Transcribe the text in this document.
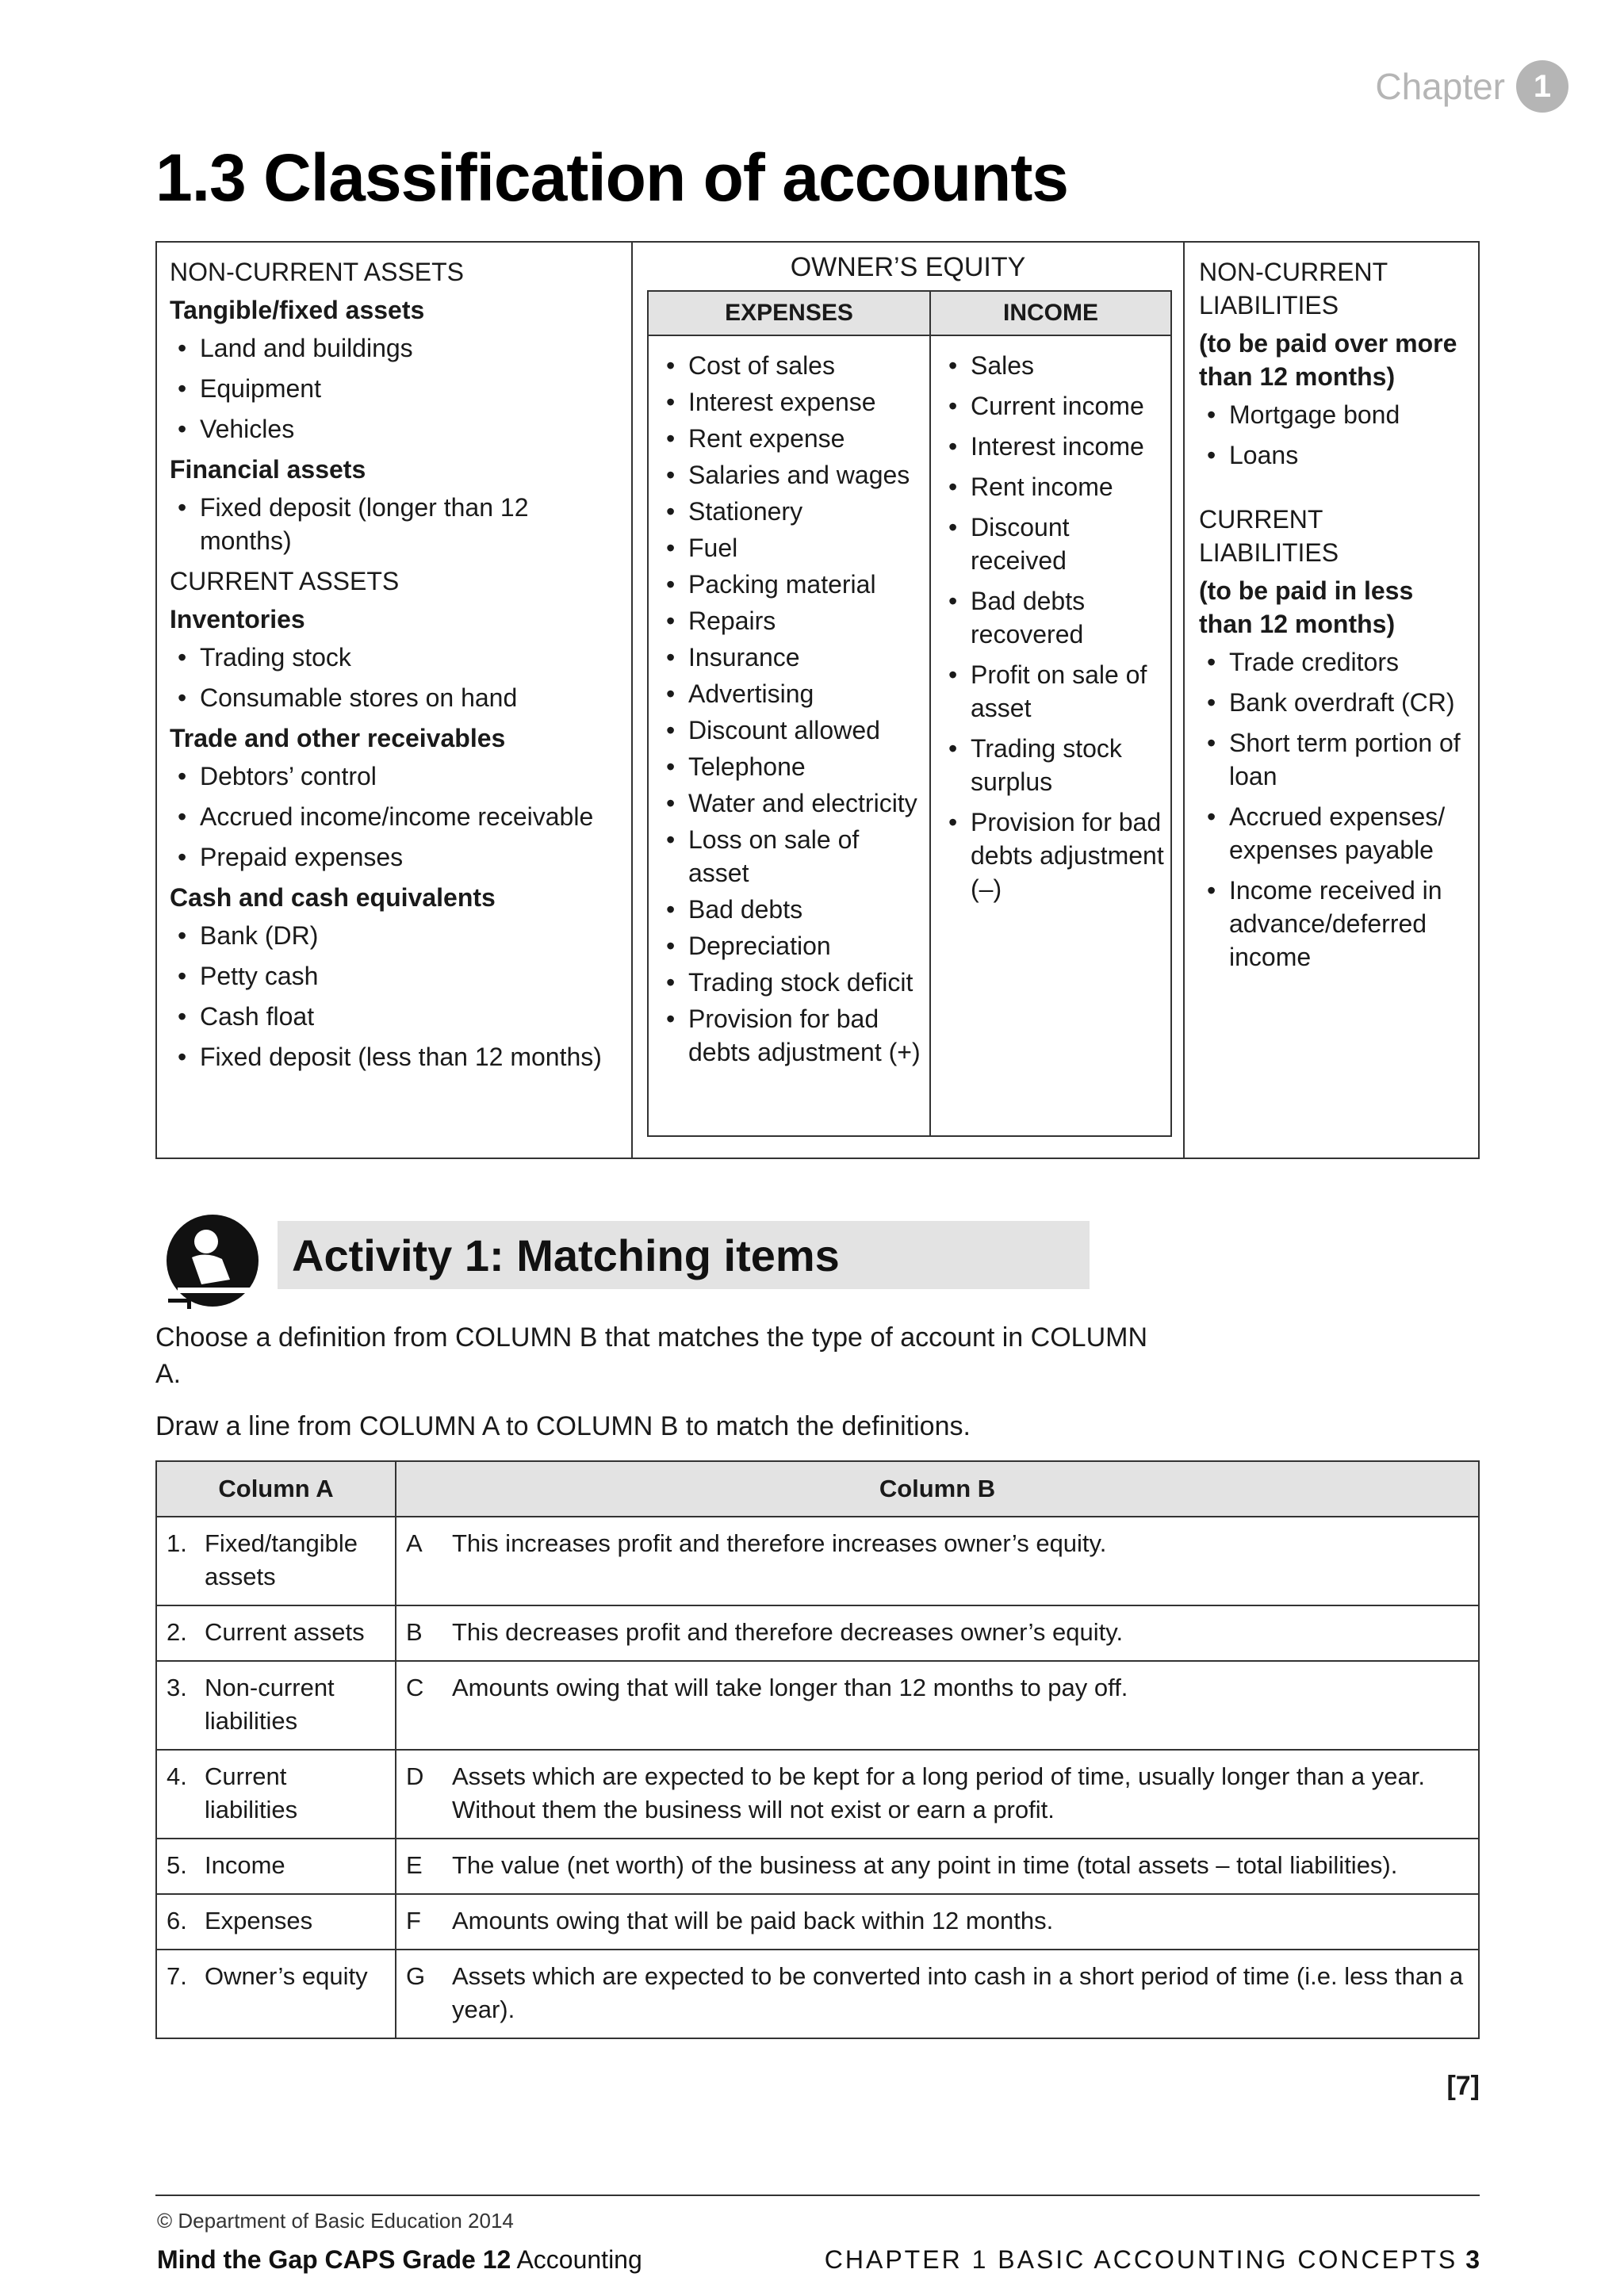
Chapter 1
1.3 Classification of accounts
NON-CURRENT ASSETS
Tangible/fixed assets
• Land and buildings
• Equipment
• Vehicles
Financial assets
• Fixed deposit (longer than 12 months)
CURRENT ASSETS
Inventories
• Trading stock
• Consumable stores on hand
Trade and other receivables
• Debtors’ control
• Accrued income/income receivable
• Prepaid expenses
Cash and cash equivalents
• Bank (DR)
• Petty cash
• Cash float
• Fixed deposit (less than 12 months)
OWNER’S EQUITY
EXPENSES	INCOME
• Cost of sales
• Interest expense
• Rent expense
• Salaries and wages
• Stationery
• Fuel
• Packing material
• Repairs
• Insurance
• Advertising
• Discount allowed
• Telephone
• Water and electricity
• Loss on sale of asset
• Bad debts
• Depreciation
• Trading stock deficit
• Provision for bad debts adjustment (+)
• Sales
• Current income
• Interest income
• Rent income
• Discount received
• Bad debts recovered
• Profit on sale of asset
• Trading stock surplus
• Provision for bad debts adjustment (–)
NON-CURRENT LIABILITIES
(to be paid over more than 12 months)
• Mortgage bond
• Loans
CURRENT LIABILITIES
(to be paid in less than 12 months)
• Trade creditors
• Bank overdraft (CR)
• Short term portion of loan
• Accrued expenses/ expenses payable
• Income received in advance/deferred income
Activity 1: Matching items
Choose a definition from COLUMN B that matches the type of account in COLUMN A.
Draw a line from COLUMN A to COLUMN B to match the definitions.
Column A	Column B

1. Fixed/tangible assets	A This increases profit and therefore increases owner’s equity.

2. Current assets	B This decreases profit and therefore decreases owner’s equity.

3. Non-current liabilities	C Amounts owing that will take longer than 12 months to pay off.

4. Current liabilities	D Assets which are expected to be kept for a long period of time, usually longer than a year. Without them the business will not exist or earn a profit.

5. Income	E The value (net worth) of the business at any point in time (total assets – total liabilities).

6. Expenses	F Amounts owing that will be paid back within 12 months.

7. Owner’s equity	G Assets which are expected to be converted into cash in a short period of time (i.e. less than a year).
[7]
© Department of Basic Education 2014
Mind the Gap CAPS Grade 12 Accounting	CHAPTER 1 BASIC ACCOUNTING CONCEPTS 3
